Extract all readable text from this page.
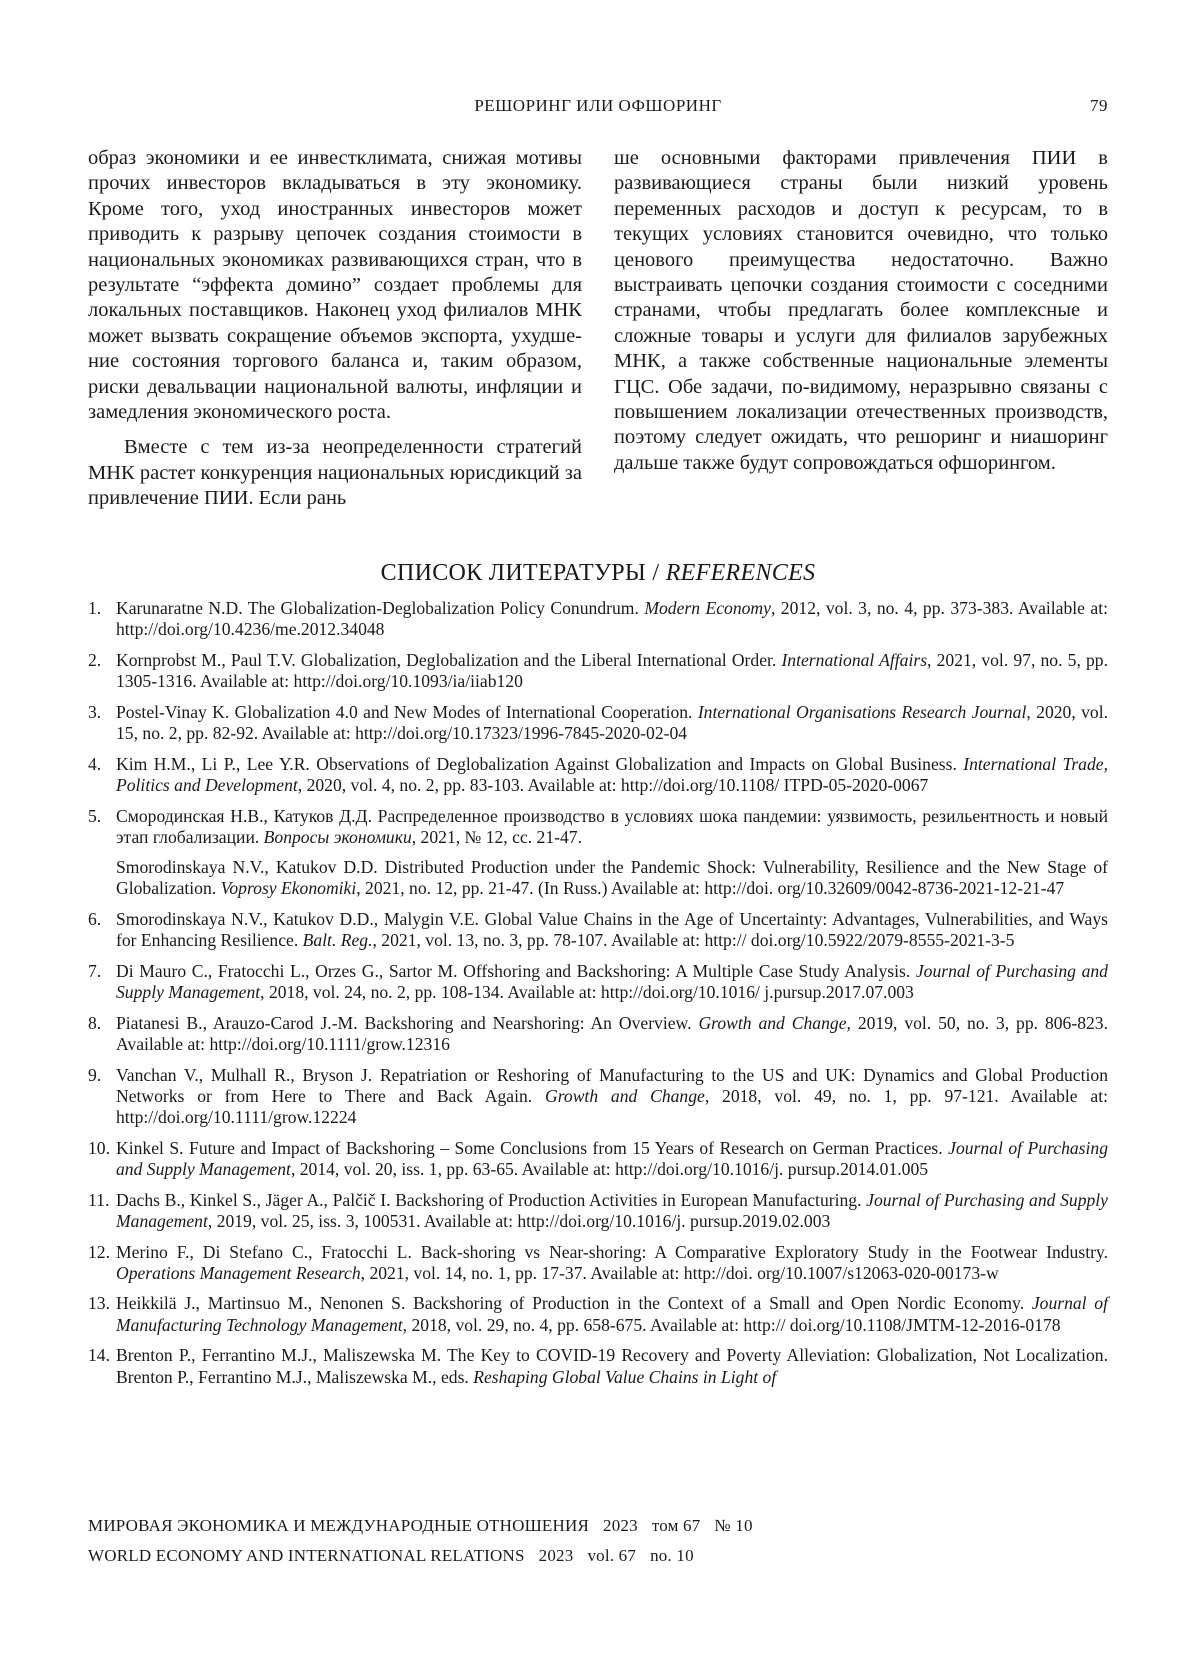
РЕШОРИНГ ИЛИ ОФШОРИНГ	79

образ экономики и ее инвестклимата, снижая мотивы прочих инвесторов вкладываться в эту экономику. Кроме того, уход иностранных инвесторов может приводить к разрыву цепочек создания стоимости в национальных экономиках развивающихся стран, что в результате “эффекта домино” создает проблемы для локальных поставщиков. Наконец уход филиалов МНК может вызвать сокращение объемов экспорта, ухудшение состояния торгового баланса и, таким образом, риски девальвации национальной валюты, инфляции и замедления экономического роста.

Вместе с тем из-за неопределенности стратегий МНК растет конкуренция национальных юрисдикций за привлечение ПИИ. Если рань

ше основными факторами привлечения ПИИ в развивающиеся страны были низкий уровень переменных расходов и доступ к ресурсам, то в текущих условиях становится очевидно, что только ценового преимущества недостаточно. Важно выстраивать цепочки создания стоимости с соседними странами, чтобы предлагать более комплексные и сложные товары и услуги для филиалов зарубежных МНК, а также собственные национальные элементы ГЦС. Обе задачи, по-видимому, неразрывно связаны с повышением локализации отечественных производств, поэтому следует ожидать, что решоринг и ниашоринг дальше также будут сопровождаться офшорингом.

СПИСОК ЛИТЕРАТУРЫ / REFERENCES
1. Karunaratne N.D. The Globalization-Deglobalization Policy Conundrum. Modern Economy, 2012, vol. 3, no. 4, pp. 373-383. Available at: http://doi.org/10.4236/me.2012.34048
2. Kornprobst M., Paul T.V. Globalization, Deglobalization and the Liberal International Order. International Affairs, 2021, vol. 97, no. 5, pp. 1305-1316. Available at: http://doi.org/10.1093/ia/iiab120
3. Postel-Vinay K. Globalization 4.0 and New Modes of International Cooperation. International Organisations Research Journal, 2020, vol. 15, no. 2, pp. 82-92. Available at: http://doi.org/10.17323/1996-7845-2020-02-04
4. Kim H.M., Li P., Lee Y.R. Observations of Deglobalization Against Globalization and Impacts on Global Business. International Trade, Politics and Development, 2020, vol. 4, no. 2, pp. 83-103. Available at: http://doi.org/10.1108/ ITPD-05-2020-0067
5. Смородинская Н.В., Катуков Д.Д. Распределенное производство в условиях шока пандемии: уязвимость, резильентность и новый этап глобализации. Вопросы экономики, 2021, № 12, сс. 21-47.
Smorodinskaya N.V., Katukov D.D. Distributed Production under the Pandemic Shock: Vulnerability, Resilience and the New Stage of Globalization. Voprosy Ekonomiki, 2021, no. 12, pp. 21-47. (In Russ.) Available at: http://doi. org/10.32609/0042-8736-2021-12-21-47
6. Smorodinskaya N.V., Katukov D.D., Malygin V.E. Global Value Chains in the Age of Uncertainty: Advantages, Vulnerabilities, and Ways for Enhancing Resilience. Balt. Reg., 2021, vol. 13, no. 3, pp. 78-107. Available at: http:// doi.org/10.5922/2079-8555-2021-3-5
7. Di Mauro C., Fratocchi L., Orzes G., Sartor M. Offshoring and Backshoring: A Multiple Case Study Analysis. Journal of Purchasing and Supply Management, 2018, vol. 24, no. 2, pp. 108-134. Available at: http://doi.org/10.1016/ j.pursup.2017.07.003
8. Piatanesi B., Arauzo-Carod J.-M. Backshoring and Nearshoring: An Overview. Growth and Change, 2019, vol. 50, no. 3, pp. 806-823. Available at: http://doi.org/10.1111/grow.12316
9. Vanchan V., Mulhall R., Bryson J. Repatriation or Reshoring of Manufacturing to the US and UK: Dynamics and Global Production Networks or from Here to There and Back Again. Growth and Change, 2018, vol. 49, no. 1, pp. 97-121. Available at: http://doi.org/10.1111/grow.12224
10. Kinkel S. Future and Impact of Backshoring – Some Conclusions from 15 Years of Research on German Practices. Journal of Purchasing and Supply Management, 2014, vol. 20, iss. 1, pp. 63-65. Available at: http://doi.org/10.1016/j. pursup.2014.01.005
11. Dachs B., Kinkel S., Jäger A., Palčič I. Backshoring of Production Activities in European Manufacturing. Journal of Purchasing and Supply Management, 2019, vol. 25, iss. 3, 100531. Available at: http://doi.org/10.1016/j. pursup.2019.02.003
12. Merino F., Di Stefano C., Fratocchi L. Back-shoring vs Near-shoring: A Comparative Exploratory Study in the Footwear Industry. Operations Management Research, 2021, vol. 14, no. 1, pp. 17-37. Available at: http://doi. org/10.1007/s12063-020-00173-w
13. Heikkilä J., Martinsuo M., Nenonen S. Backshoring of Production in the Context of a Small and Open Nordic Economy. Journal of Manufacturing Technology Management, 2018, vol. 29, no. 4, pp. 658-675. Available at: http:// doi.org/10.1108/JMTM-12-2016-0178
14. Brenton P., Ferrantino M.J., Maliszewska M. The Key to COVID-19 Recovery and Poverty Alleviation: Globalization, Not Localization. Brenton P., Ferrantino M.J., Maliszewska M., eds. Reshaping Global Value Chains in Light of
МИРОВАЯ ЭКОНОМИКА И МЕЖДУНАРОДНЫЕ ОТНОШЕНИЯ 2023 том 67 № 10
WORLD ECONOMY AND INTERNATIONAL RELATIONS 2023 vol. 67 no. 10
